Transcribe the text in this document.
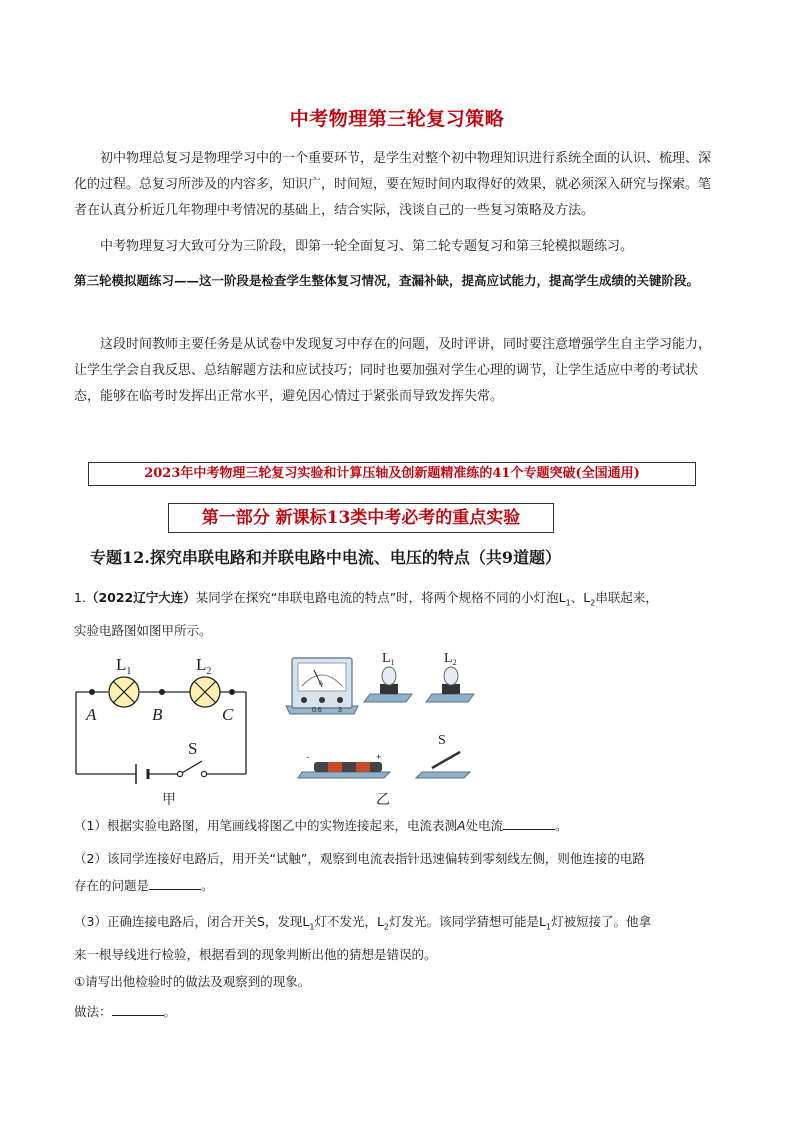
中考物理第三轮复习策略
初中物理总复习是物理学习中的一个重要环节，是学生对整个初中物理知识进行系统全面的认识、梳理、深化的过程。总复习所涉及的内容多，知识广，时间短，要在短时间内取得好的效果，就必须深入研究与探索。笔者在认真分析近几年物理中考情况的基础上，结合实际，浅谈自己的一些复习策略及方法。
中考物理复习大致可分为三阶段，即第一轮全面复习、第二轮专题复习和第三轮模拟题练习。
第三轮模拟题练习——这一阶段是检查学生整体复习情况，查漏补缺，提高应试能力，提高学生成绩的关键阶段。
这段时间教师主要任务是从试卷中发现复习中存在的问题，及时评讲，同时要注意增强学生自主学习能力，让学生学会自我反思、总结解题方法和应试技巧；同时也要加强对学生心理的调节，让学生适应中考的考试状态，能够在临考时发挥出正常水平，避免因心情过于紧张而导致发挥失常。
2023年中考物理三轮复习实验和计算压轴及创新题精准练的41个专题突破(全国通用)
第一部分 新课标13类中考必考的重点实验
专题12.探究串联电路和并联电路中电流、电压的特点（共9道题）
1.（2022辽宁大连）某同学在探究“串联电路电流的特点”时，将两个规格不同的小灯泡$L_1$、$L_2$串联起来，
实验电路图如图甲所示。
$L_1$	$L_2$
A	B	C
S
甲
A
0.6 3
$L_1$	$L_2$
-	+
S
乙
（1）根据实验电路图，用笔画线将图乙中的实物连接起来，电流表测A处电流	。
（2）该同学连接好电路后，用开关“试触”，观察到电流表指针迅速偏转到零刻线左侧，则他连接的电路
存在的问题是	。
（3）正确连接电路后，闭合开关S，发现$L_1$灯不发光，$L_2$灯发光。该同学猜想可能是$L_1$灯被短接了。他拿
来一根导线进行检验，根据看到的现象判断出他的猜想是错误的。
①请写出他检验时的做法及观察到的现象。
做法：	。
